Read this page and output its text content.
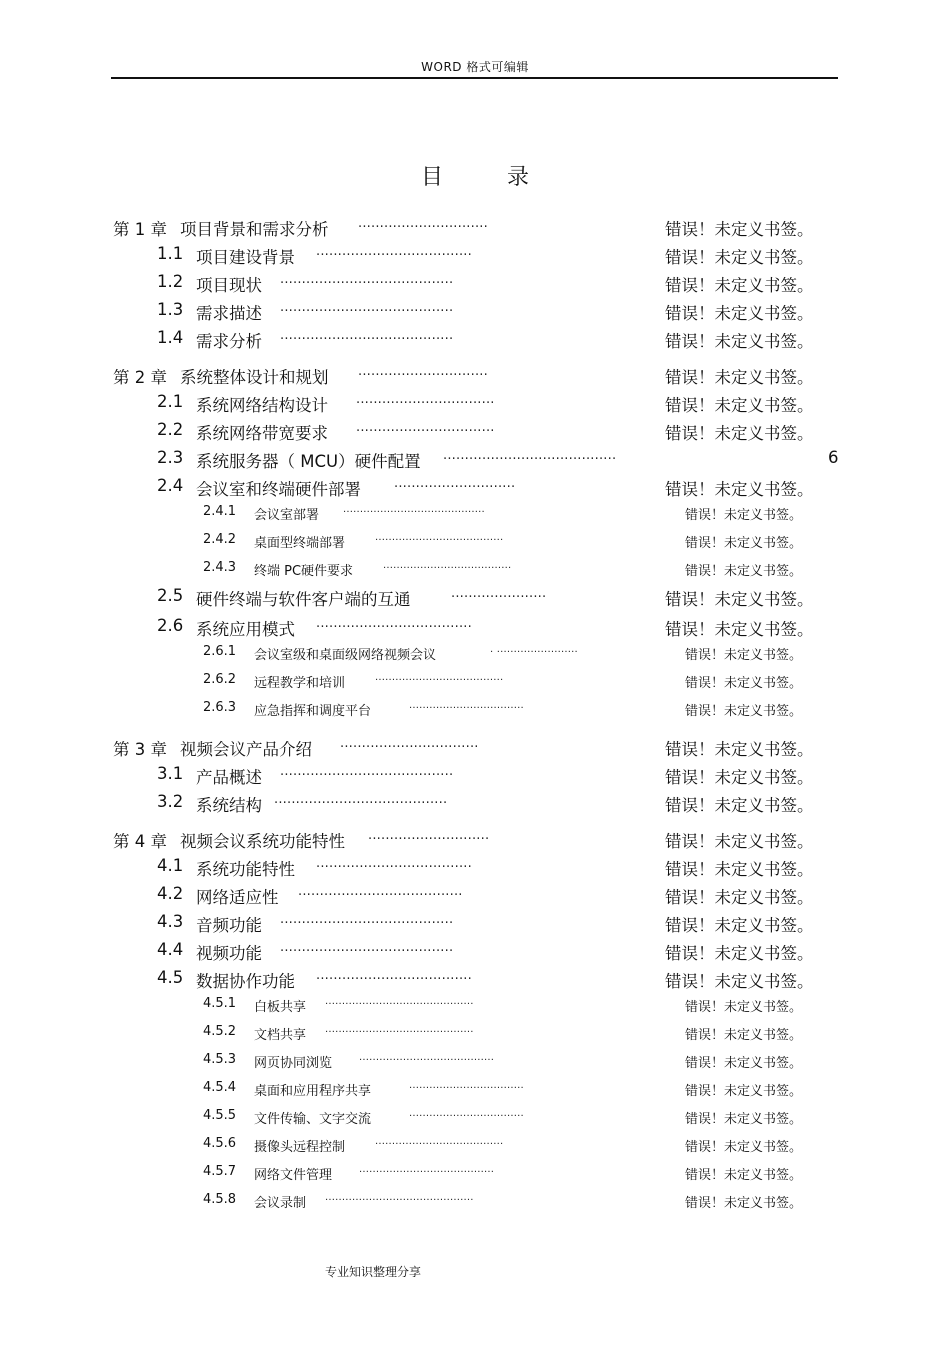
WORD 格式可编辑
目	录
第 1 章 项目背景和需求分析 ..............................	错误！未定义书签。
1.1 项目建设背景 ....................................	错误！未定义书签。
1.2 项目现状 ........................................	错误！未定义书签。
1.3 需求描述 ........................................	错误！未定义书签。
1.4 需求分析 ........................................	错误！未定义书签。
第 2 章 系统整体设计和规划 ..............................	错误！未定义书签。
2.1 系统网络结构设计 ................................	错误！未定义书签。
2.2 系统网络带宽要求 ................................	错误！未定义书签。
2.3 系统服务器（ MCU）硬件配置 ........................................	6
2.4 会议室和终端硬件部署	............................	错误！未定义书签。
2.4.1 会议室部署 ..........................................	错误！未定义书签。
2.4.2 桌面型终端部署	......................................	错误！未定义书签。
2.4.3 终端 PC硬件要求	......................................	错误！未定义书签。
2.5 硬件终端与软件客户端的互通	......................	错误！未定义书签。
2.6 系统应用模式 ....................................	错误！未定义书签。
2.6.1 会议室级和桌面级网络视频会议	. ........................	错误！未定义书签。
2.6.2 远程教学和培训	......................................	错误！未定义书签。
2.6.3 应急指挥和调度平台	..................................	错误！未定义书签。
第 3 章 视频会议产品介绍 ................................	错误！未定义书签。
3.1 产品概述 ........................................	错误！未定义书签。
3.2 系统结构 ........................................	错误！未定义书签。
第 4 章 视频会议系统功能特性 ............................	错误！未定义书签。
4.1 系统功能特性 ....................................	错误！未定义书签。
4.2 网络适应性 ......................................	错误！未定义书签。
4.3 音频功能 ........................................	错误！未定义书签。
4.4 视频功能 ........................................	错误！未定义书签。
4.5 数据协作功能 ....................................	错误！未定义书签。
4.5.1 白板共享 ............................................	错误！未定义书签。
4.5.2 文档共享 ............................................	错误！未定义书签。
4.5.3 网页协同浏览	........................................	错误！未定义书签。
4.5.4 桌面和应用程序共享	..................................	错误！未定义书签。
4.5.5 文件传输、文字交流	..................................	错误！未定义书签。
4.5.6 摄像头远程控制	......................................	错误！未定义书签。
4.5.7 网络文件管理	........................................	错误！未定义书签。
4.5.8 会议录制 ............................................	错误！未定义书签。
专业知识整理分享
